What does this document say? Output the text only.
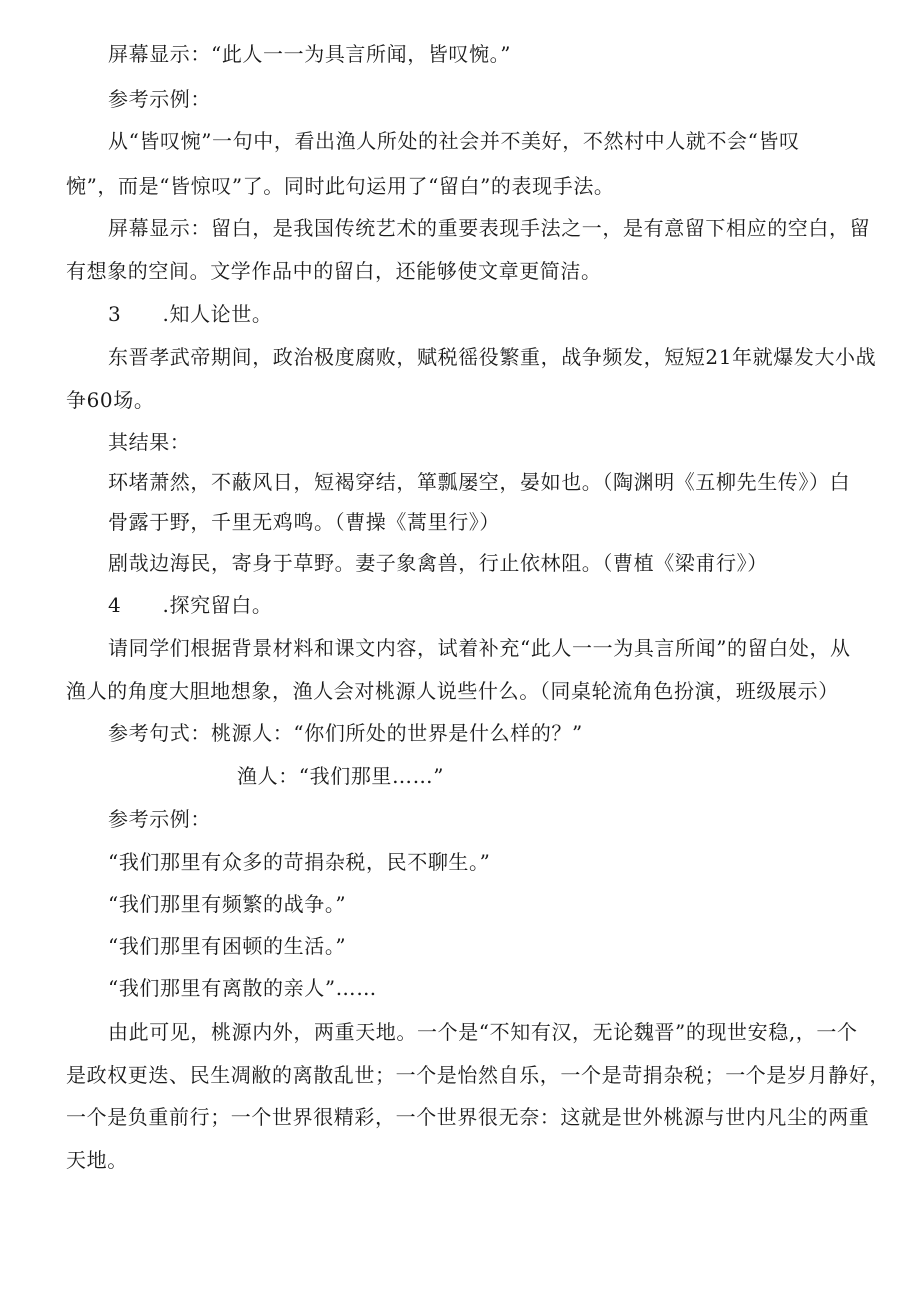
屏幕显示：“此人一一为具言所闻，皆叹惋。”
参考示例：
从“皆叹惋”一句中，看出渔人所处的社会并不美好，不然村中人就不会“皆叹
惋”，而是“皆惊叹”了。同时此句运用了“留白”的表现手法。
屏幕显示：留白，是我国传统艺术的重要表现手法之一，是有意留下相应的空白，留
有想象的空间。文学作品中的留白，还能够使文章更简洁。
3　　.知人论世。
东晋孝武帝期间，政治极度腐败，赋税徭役繁重，战争频发，短短21年就爆发大小战
争60场。
其结果：
环堵萧然，不蔽风日，短褐穿结，箪瓢屡空，晏如也。（陶渊明《五柳先生传》）白
骨露于野，千里无鸡鸣。（曹操《蒿里行》）
剧哉边海民，寄身于草野。妻子象禽兽，行止依林阻。（曹植《梁甫行》）
4　　.探究留白。
请同学们根据背景材料和课文内容，试着补充“此人一一为具言所闻”的留白处，从
渔人的角度大胆地想象，渔人会对桃源人说些什么。（同桌轮流角色扮演，班级展示）
参考句式：桃源人：“你们所处的世界是什么样的？”
渔人：“我们那里……”
参考示例：
“我们那里有众多的苛捐杂税，民不聊生。”
“我们那里有频繁的战争。”
“我们那里有困顿的生活。”
“我们那里有离散的亲人”……
由此可见，桃源内外，两重天地。一个是“不知有汉，无论魏晋”的现世安稳,，一个
是政权更迭、民生凋敝的离散乱世；一个是怡然自乐，一个是苛捐杂税；一个是岁月静好，
一个是负重前行；一个世界很精彩，一个世界很无奈：这就是世外桃源与世内凡尘的两重
天地。
